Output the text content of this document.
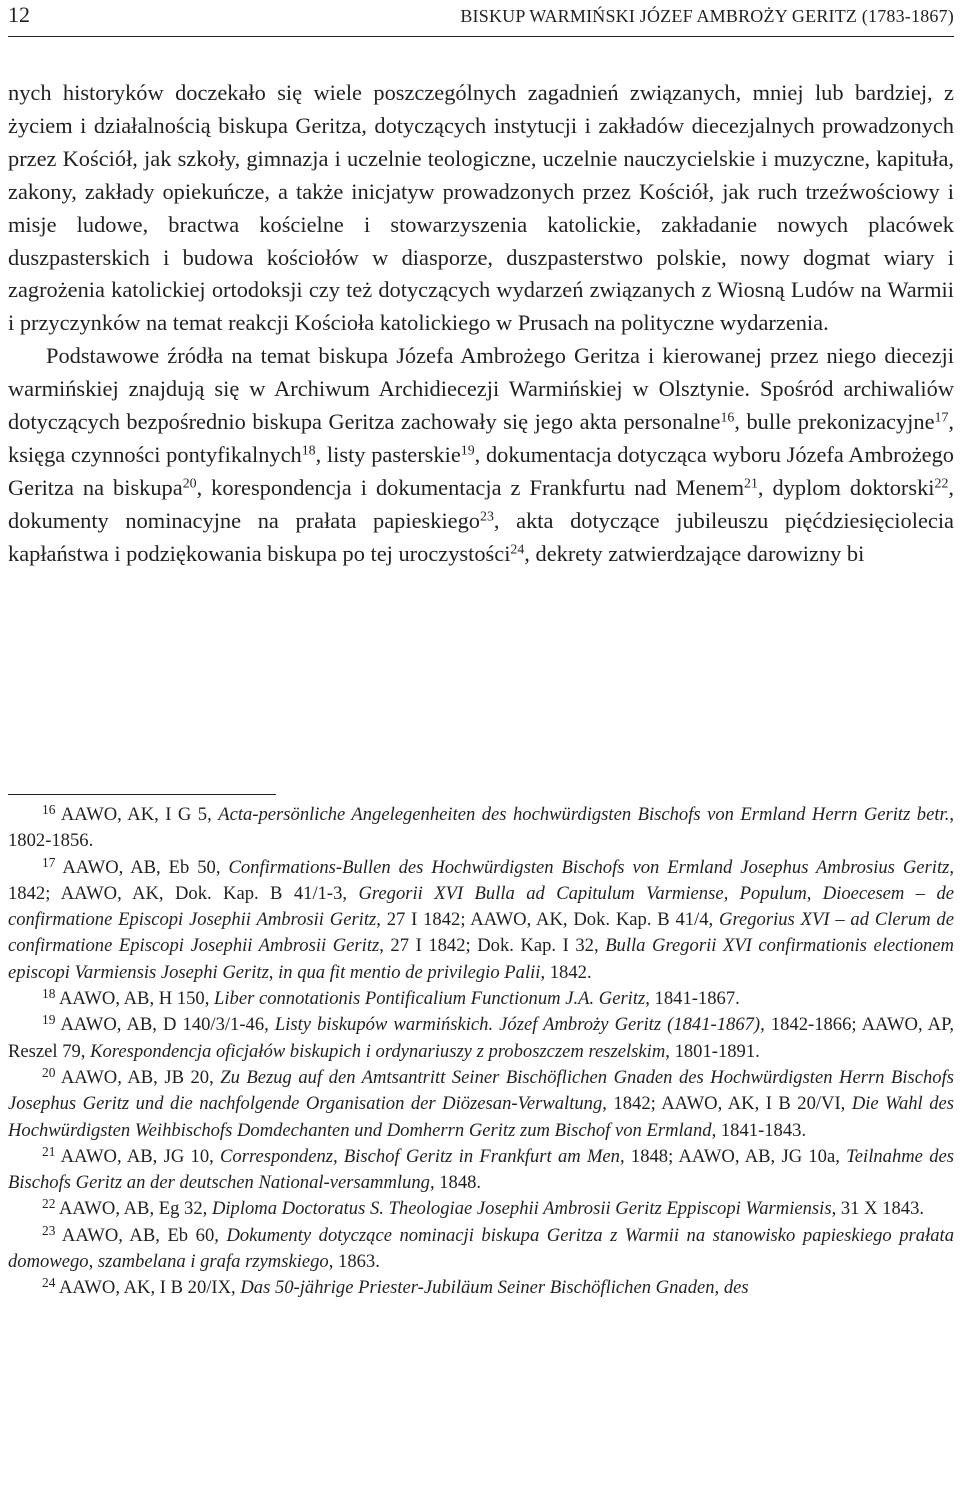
12	BISKUP WARMIŃSKI JÓZEF AMBROŻY GERITZ (1783-1867)

nych historyków doczekało się wiele poszczególnych zagadnień związanych, mniej lub bardziej, z życiem i działalnością biskupa Geritza, dotyczących instytucji i zakładów diecezjalnych prowadzonych przez Kościół, jak szkoły, gimnazja i uczelnie teologiczne, uczelnie nauczycielskie i muzyczne, kapituła, zakony, zakłady opiekuńcze, a także inicjatyw prowadzonych przez Kościół, jak ruch trzeźwościowy i misje ludowe, bractwa kościelne i stowarzyszenia katolickie, zakładanie nowych placówek duszpasterskich i budowa kościołów w diasporze, duszpasterstwo polskie, nowy dogmat wiary i zagrożenia katolickiej ortodoksji czy też dotyczących wydarzeń związanych z Wiosną Ludów na Warmii i przyczynków na temat reakcji Kościoła katolickiego w Prusach na polityczne wydarzenia.

Podstawowe źródła na temat biskupa Józefa Ambrożego Geritza i kierowanej przez niego diecezji warmińskiej znajdują się w Archiwum Archidiecezji Warmińskiej w Olsztynie. Spośród archiwaliów dotyczących bezpośrednio biskupa Geritza zachowały się jego akta personalne$^{16}$, bulle prekonizacyjne$^{17}$, księga czynności pontyfikalnych$^{18}$, listy pasterskie$^{19}$, dokumentacja dotycząca wyboru Józefa Ambrożego Geritza na biskupa$^{20}$, korespondencja i dokumentacja z Frankfurtu nad Menem$^{21}$, dyplom doktorski$^{22}$, dokumenty nominacyjne na prałata papieskiego$^{23}$, akta dotyczące jubileuszu pięćdziesięciolecia kapłaństwa i podziękowania biskupa po tej uroczystości$^{24}$, dekrety zatwierdzające darowizny bi

$^{16}$ AAWO, AK, I G 5, Acta-persönliche Angelegenheiten des hochwürdigsten Bischofs von Ermland Herrn Geritz betr., 1802-1856.

$^{17}$ AAWO, AB, Eb 50, Confirmations-Bullen des Hochwürdigsten Bischofs von Ermland Josephus Ambrosius Geritz, 1842; AAWO, AK, Dok. Kap. B 41/1-3, Gregorii XVI Bulla ad Capitulum Varmiense, Populum, Dioecesem – de confirmatione Episcopi Josephii Ambrosii Geritz, 27 I 1842; AAWO, AK, Dok. Kap. B 41/4, Gregorius XVI – ad Clerum de confirmatione Episcopi Josephii Ambrosii Geritz, 27 I 1842; Dok. Kap. I 32, Bulla Gregorii XVI confirmationis electionem episcopi Varmiensis Josephi Geritz, in qua fit mentio de privilegio Palii, 1842.

$^{18}$ AAWO, AB, H 150, Liber connotationis Pontificalium Functionum J.A. Geritz, 1841-1867.

$^{19}$ AAWO, AB, D 140/3/1-46, Listy biskupów warmińskich. Józef Ambroży Geritz (1841-1867), 1842-1866; AAWO, AP, Reszel 79, Korespondencja oficjałów biskupich i ordynariuszy z proboszczem reszelskim, 1801-1891.

$^{20}$ AAWO, AB, JB 20, Zu Bezug auf den Amtsantritt Seiner Bischöflichen Gnaden des Hochwürdigsten Herrn Bischofs Josephus Geritz und die nachfolgende Organisation der Diözesan-Verwaltung, 1842; AAWO, AK, I B 20/VI, Die Wahl des Hochwürdigsten Weihbischofs Domdechanten und Domherrn Geritz zum Bischof von Ermland, 1841-1843.

$^{21}$ AAWO, AB, JG 10, Correspondenz, Bischof Geritz in Frankfurt am Men, 1848; AAWO, AB, JG 10a, Teilnahme des Bischofs Geritz an der deutschen National-versammlung, 1848.

$^{22}$ AAWO, AB, Eg 32, Diploma Doctoratus S. Theologiae Josephii Ambrosii Geritz Eppiscopi Warmiensis, 31 X 1843.

$^{23}$ AAWO, AB, Eb 60, Dokumenty dotyczące nominacji biskupa Geritza z Warmii na stanowisko papieskiego prałata domowego, szambelana i grafa rzymskiego, 1863.

$^{24}$ AAWO, AK, I B 20/IX, Das 50-jährige Priester-Jubiläum Seiner Bischöflichen Gnaden, des
